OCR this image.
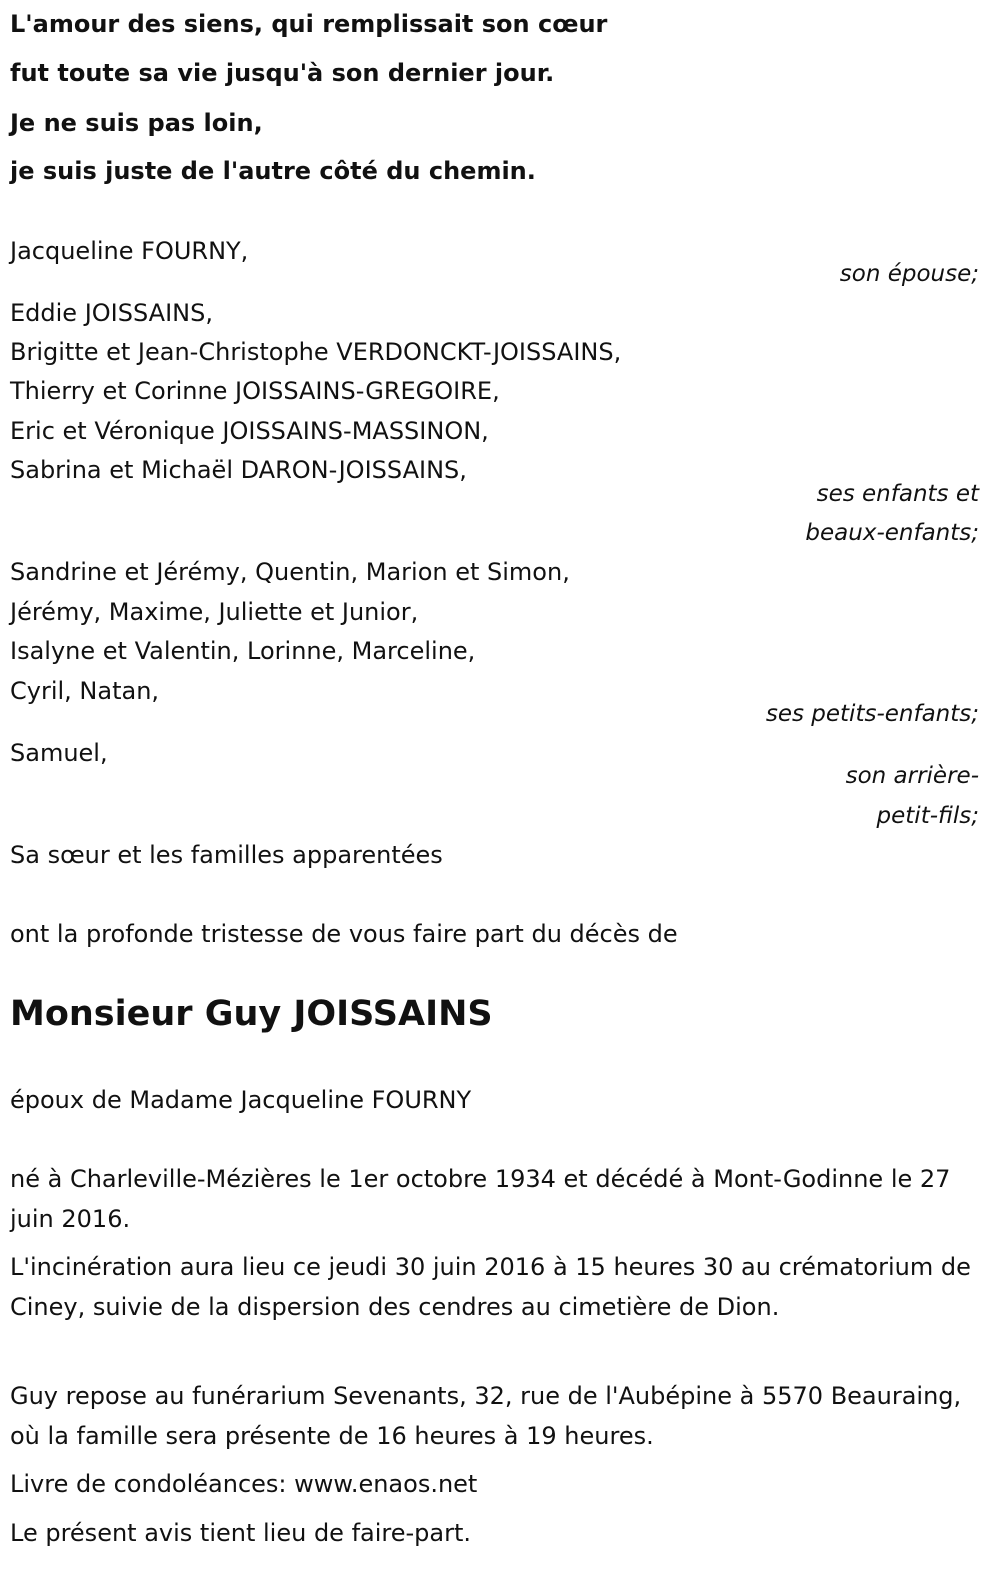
L'amour des siens, qui remplissait son cœur
fut toute sa vie jusqu'à son dernier jour.
Je ne suis pas loin,
je suis juste de l'autre côté du chemin.
Jacqueline FOURNY,
son épouse;
Eddie JOISSAINS,
Brigitte et Jean-Christophe VERDONCKT-JOISSAINS,
Thierry et Corinne JOISSAINS-GREGOIRE,
Eric et Véronique JOISSAINS-MASSINON,
Sabrina et Michaël DARON-JOISSAINS,
ses enfants et
beaux-enfants;
Sandrine et Jérémy, Quentin, Marion et Simon,
Jérémy, Maxime, Juliette et Junior,
Isalyne et Valentin, Lorinne, Marceline,
Cyril, Natan,
ses petits-enfants;
Samuel,
son arrière-
petit-fils;
Sa sœur et les familles apparentées
ont la profonde tristesse de vous faire part du décès de
Monsieur Guy JOISSAINS
époux de Madame Jacqueline FOURNY
né à Charleville-Mézières le 1er octobre 1934 et décédé à Mont-Godinne le 27 juin 2016.
L'incinération aura lieu ce jeudi 30 juin 2016 à 15 heures 30 au crématorium de Ciney, suivie de la dispersion des cendres au cimetière de Dion.
Guy repose au funérarium Sevenants, 32, rue de l'Aubépine à 5570 Beauraing, où la famille sera présente de 16 heures à 19 heures.
Livre de condoléances: www.enaos.net
Le présent avis tient lieu de faire-part.
